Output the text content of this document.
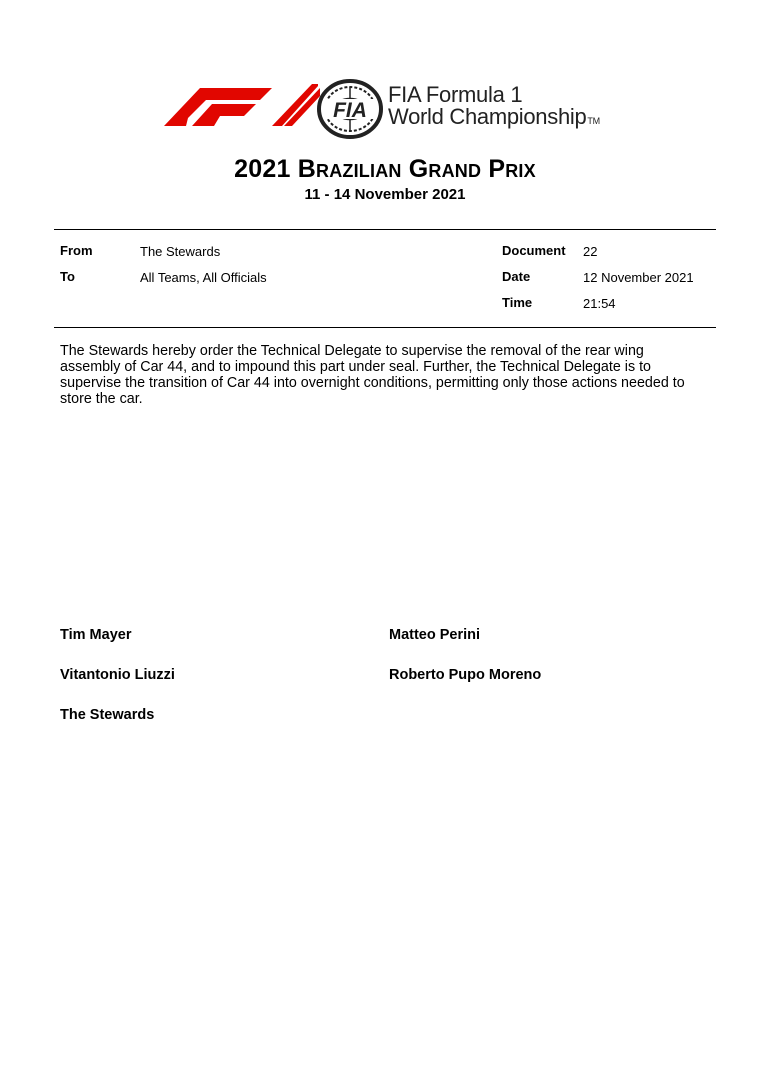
FIA
FIA Formula 1
World ChampionshipTM
2021 Brazilian Grand Prix
11 - 14 November 2021
From	The Stewards
To	All Teams, All Officials
Document 22
Date	12 November 2021
Time	21:54
The Stewards hereby order the Technical Delegate to supervise the removal of the rear wing
assembly of Car 44, and to impound this part under seal. Further, the Technical Delegate is to
supervise the transition of Car 44 into overnight conditions, permitting only those actions needed to
store the car.
Tim Mayer	Matteo Perini
Vitantonio Liuzzi	Roberto Pupo Moreno
The Stewards
